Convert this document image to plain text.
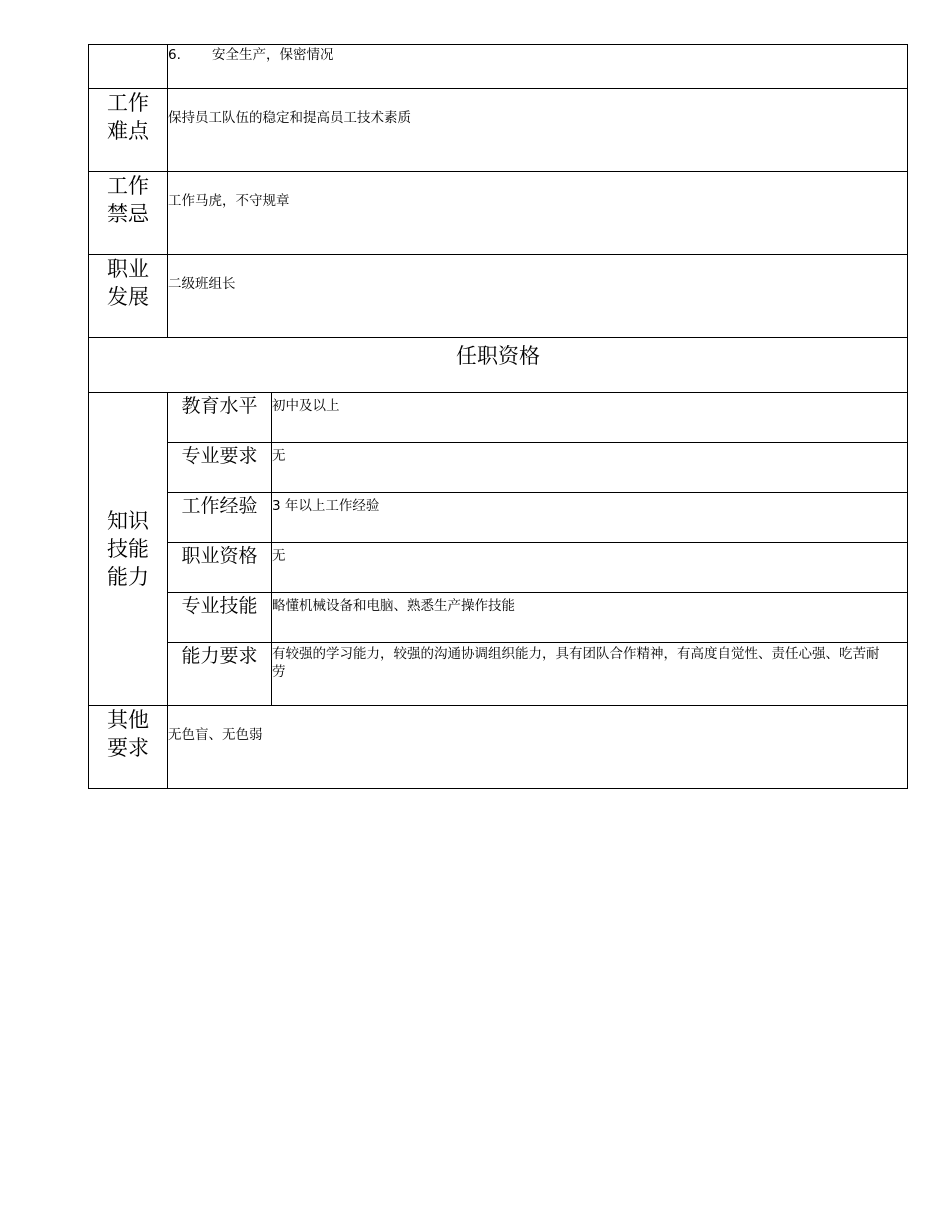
	6. 安全生产，保密情况	

工作
难点	保持员工队伍的稳定和提高员工技术素质	

工作
禁忌	工作马虎，不守规章	

职业
发展	二级班组长	
任职资格		

知识
技能
能力	教育水平	初中及以上
	专业要求	无
	工作经验	3 年以上工作经验
	职业资格	无
	专业技能	略懂机械设备和电脑、熟悉生产操作技能
	能力要求	有较强的学习能力，较强的沟通协调组织能力，具有团队合作精神，有高度自觉性、责任心强、吃苦耐劳

其他
要求	无色盲、无色弱	
